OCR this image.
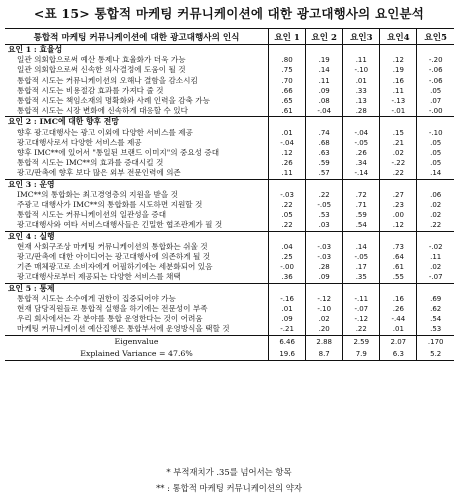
<표 15> 통합적 마케팅 커뮤니케이션에 대한 광고대행사의 요인분석
통합적 마케팅 커뮤니케이션에 대한 광고대행사의 인식	요인 1	요인 2	요인3	요인4	요인5
요인 1 : 효율성					
일관 의회합으로써 예산 통제나 효율화가 더욱 가능	.80	.19	.11	.12	-.20
일관 의회합으로써 신속한 의사결정에 도움이 될 것	.75	.14	-.10	.19	-.06
통합적 시도는 커뮤니케이션의 오해나 결함을 감소시킴	.70	.11	.01	.16	-.06
통합적 시도는 비용절감 효과를 가져다 줄 것	.66	.09	.33	.11	.05
통합적 시도는 책임소재의 명확화와 사례 인력을 감축 가능	.65	.08	.13	-.13	.07
통합적 시도는 시장 변화에 신속하게 대응할 수 있다	.61	-.04	.28	-.01	-.00
요인 2 : IMC에 대한 향후 전망					
향후 광고대행사는 광고 이외에 다양한 서비스를 제공	.01	.74	-.04	.15	-.10
광고대행사로서 다양한 서비스를 제공	-.04	.68	-.05	.21	.05
향후 IMC**에 있어서 "통일된 브랜드 이미지"의 중요성 증대	.12	.63	.26	.02	.05
통합적 시도는 IMC**의 효과를 증대시킬 것	.26	.59	.34	-.22	.05
광고/판촉에 향후 보다 많은 외부 전문인력에 의존	.11	.57	-.14	.22	.14
요인 3 : 운영					
IMC**의 통합화는 최고경영층의 지원을 받을 것	-.03	.22	.72	.27	.06
주광고 대행사가 IMC**의 통합화를 시도하면 지원할 것	.22	-.05	.71	.23	.02
통합적 시도는 커뮤니케이션의 일관성을 증대	.05	.53	.59	.00	.02
광고대행사와 여타 서비스대행사들은 긴밀한 협조관계가 필 것	.22	.03	.54	.12	.22
요인 4 : 실행					
현재 사회구조상 마케팅 커뮤니케이션의 통합화는 쉬울 것	.04	-.03	.14	.73	-.02
광고/판촉에 대한 아이디어는 광고대행사에 의존하게 될 것	.25	-.03	-.05	.64	.11
기존 매체광고로 소비자에게 어필하기에는 세분화되어 있음	-.00	.28	.17	.61	.02
광고대행사로부터 제공되는 다양한 서비스를 채택	.36	.09	.35	.55	-.07
요인 5 : 통제					
통합적 시도는 소수에게 권한이 집중되어야 가능	-.16	-.12	-.11	.16	.69
현재 담당직원들로 통합적 실행을 하기에는 전문성이 부족	.01	-.10	-.07	.26	.62
우리 회사에서는 각 분야를 통합 운영한다는 것이 어려움	.09	.02	-.12	-.44	.54
마케팅 커뮤니케이션 예산집행은 통합부서에 운영방식을 택할 것	-.21	.20	.22	.01	.53
Eigenvalue	6.46	2.88	2.59	2.07	.170
Explained Variance = 47.6%	19.6	8.7	7.9	6.3	5.2
* 부적재치가 .35를 넘어서는 항목
** : 통합적 마케팅 커뮤니케이션의 약자
